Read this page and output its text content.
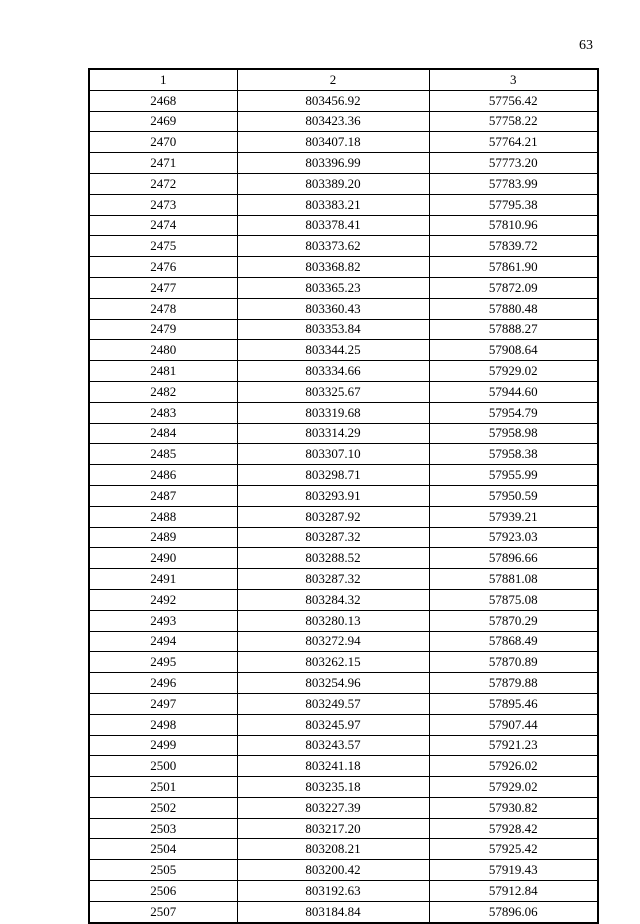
63
1	2	3
2468	803456.92	57756.42
2469	803423.36	57758.22
2470	803407.18	57764.21
2471	803396.99	57773.20
2472	803389.20	57783.99
2473	803383.21	57795.38
2474	803378.41	57810.96
2475	803373.62	57839.72
2476	803368.82	57861.90
2477	803365.23	57872.09
2478	803360.43	57880.48
2479	803353.84	57888.27
2480	803344.25	57908.64
2481	803334.66	57929.02
2482	803325.67	57944.60
2483	803319.68	57954.79
2484	803314.29	57958.98
2485	803307.10	57958.38
2486	803298.71	57955.99
2487	803293.91	57950.59
2488	803287.92	57939.21
2489	803287.32	57923.03
2490	803288.52	57896.66
2491	803287.32	57881.08
2492	803284.32	57875.08
2493	803280.13	57870.29
2494	803272.94	57868.49
2495	803262.15	57870.89
2496	803254.96	57879.88
2497	803249.57	57895.46
2498	803245.97	57907.44
2499	803243.57	57921.23
2500	803241.18	57926.02
2501	803235.18	57929.02
2502	803227.39	57930.82
2503	803217.20	57928.42
2504	803208.21	57925.42
2505	803200.42	57919.43
2506	803192.63	57912.84
2507	803184.84	57896.06
